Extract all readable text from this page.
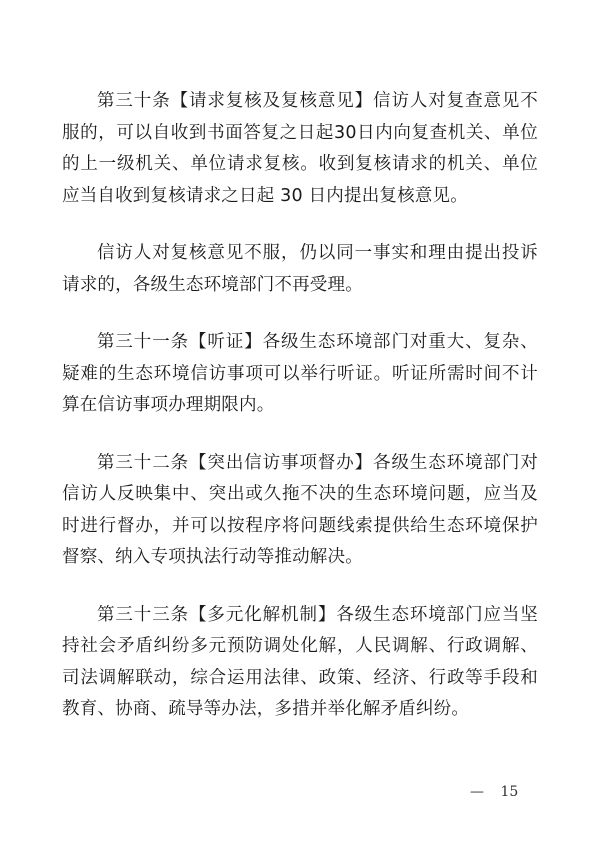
第三十条【请求复核及复核意见】信访人对复查意见不服的，可以自收到书面答复之日起30日内向复查机关、单位的上一级机关、单位请求复核。收到复核请求的机关、单位应当自收到复核请求之日起 30 日内提出复核意见。

信访人对复核意见不服，仍以同一事实和理由提出投诉请求的，各级生态环境部门不再受理。

第三十一条【听证】各级生态环境部门对重大、复杂、疑难的生态环境信访事项可以举行听证。听证所需时间不计算在信访事项办理期限内。

第三十二条【突出信访事项督办】各级生态环境部门对信访人反映集中、突出或久拖不决的生态环境问题，应当及时进行督办，并可以按程序将问题线索提供给生态环境保护督察、纳入专项执法行动等推动解决。

第三十三条【多元化解机制】各级生态环境部门应当坚持社会矛盾纠纷多元预防调处化解，人民调解、行政调解、司法调解联动，综合运用法律、政策、经济、行政等手段和教育、协商、疏导等办法，多措并举化解矛盾纠纷。

— 15
